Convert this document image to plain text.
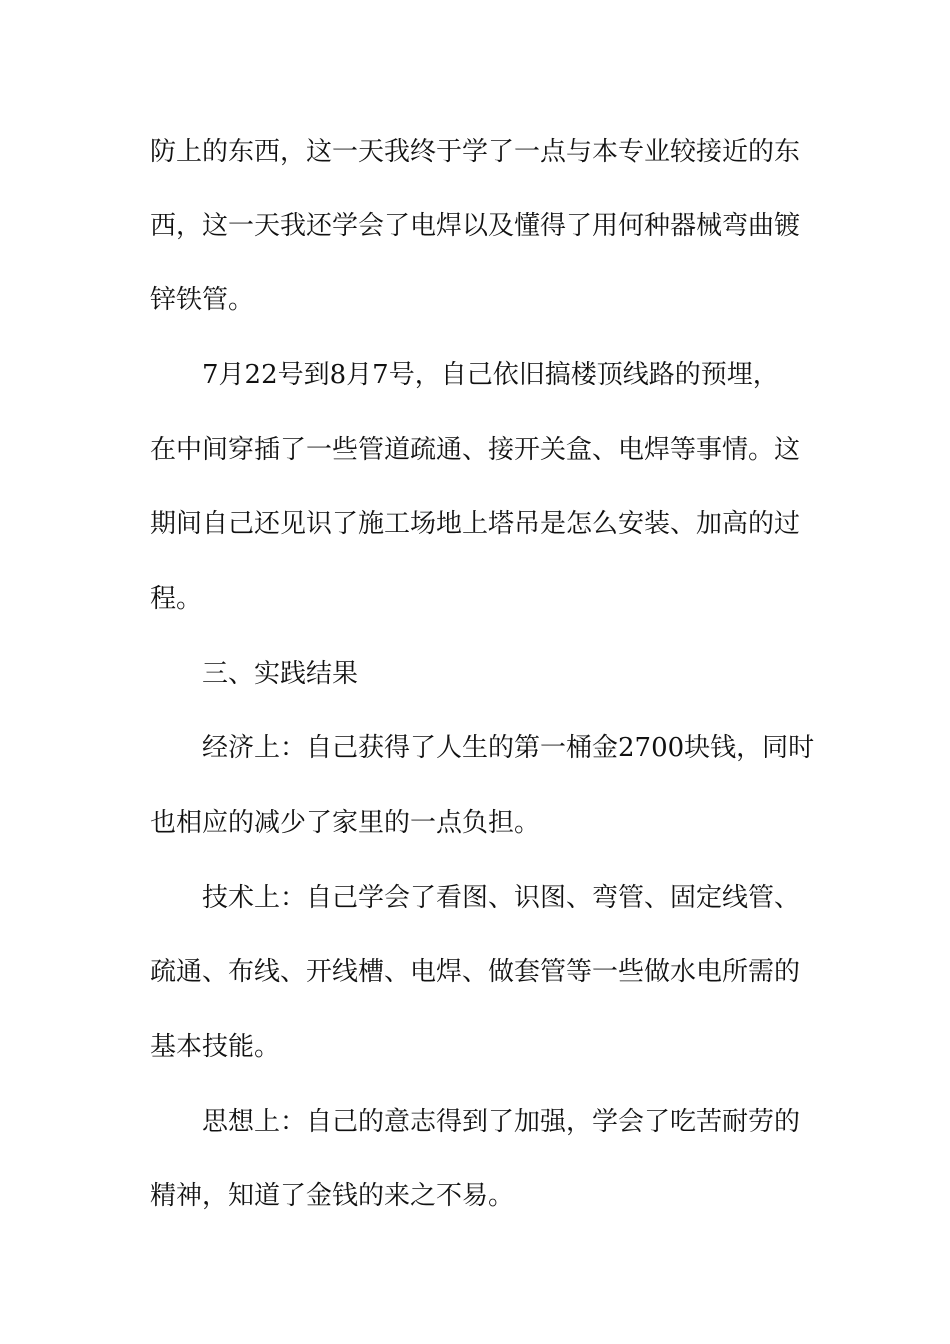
防上的东西，这一天我终于学了一点与本专业较接近的东
西，这一天我还学会了电焊以及懂得了用何种器械弯曲镀
锌铁管。
7月22号到8月7号，自己依旧搞楼顶线路的预埋，
在中间穿插了一些管道疏通、接开关盒、电焊等事情。这
期间自己还见识了施工场地上塔吊是怎么安装、加高的过
程。
三、实践结果
经济上：自己获得了人生的第一桶金2700块钱，同时
也相应的减少了家里的一点负担。
技术上：自己学会了看图、识图、弯管、固定线管、
疏通、布线、开线槽、电焊、做套管等一些做水电所需的
基本技能。
思想上：自己的意志得到了加强，学会了吃苦耐劳的
精神，知道了金钱的来之不易。
